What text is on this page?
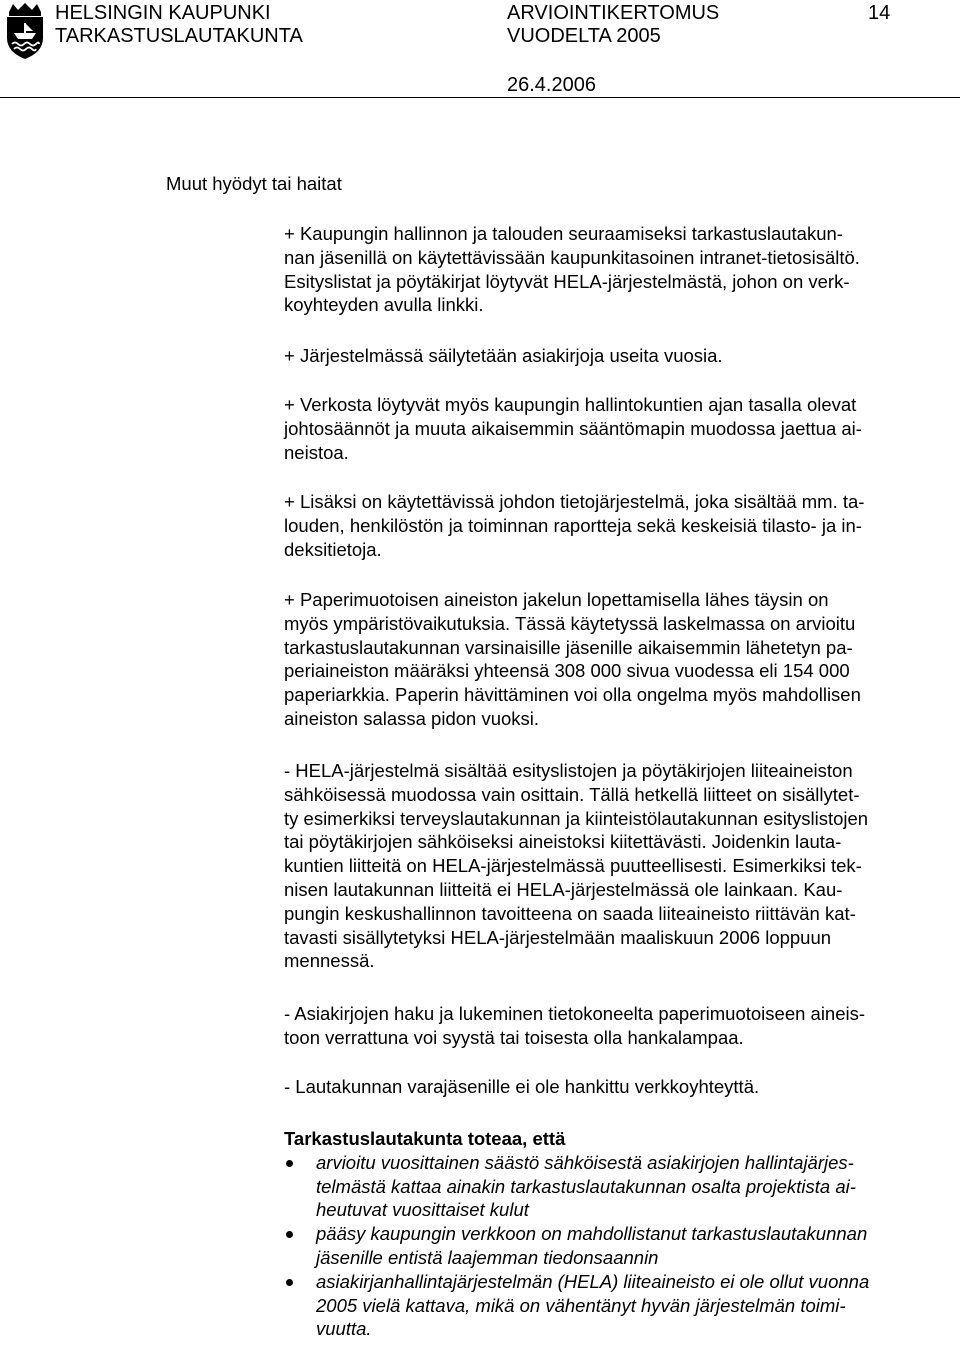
HELSINGIN KAUPUNKI
TARKASTUSLAUTAKUNTA
ARVIOINTIKERTOMUS
VUODELTA 2005
26.4.2006
14
Muut hyödyt tai haitat

+ Kaupungin hallinnon ja talouden seuraamiseksi tarkastuslautakun-

nan jäsenillä on käytettävissään kaupunkitasoinen intranet-tietosisältö.

Esityslistat ja pöytäkirjat löytyvät HELA-järjestelmästä, johon on verk-

koyhteyden avulla linkki.

+ Järjestelmässä säilytetään asiakirjoja useita vuosia.

+ Verkosta löytyvät myös kaupungin hallintokuntien ajan tasalla olevat

johtosäännöt ja muuta aikaisemmin sääntömapin muodossa jaettua ai-

neistoa.

+ Lisäksi on käytettävissä johdon tietojärjestelmä, joka sisältää mm. ta-

louden, henkilöstön ja toiminnan raportteja sekä keskeisiä tilasto- ja in-

deksitietoja.

+ Paperimuotoisen aineiston jakelun lopettamisella lähes täysin on

myös ympäristövaikutuksia. Tässä käytetyssä laskelmassa on arvioitu

tarkastuslautakunnan varsinaisille jäsenille aikaisemmin lähetetyn pa-

periaineiston määräksi yhteensä 308 000 sivua vuodessa eli 154 000

paperiarkkia. Paperin hävittäminen voi olla ongelma myös mahdollisen

aineiston salassa pidon vuoksi.

- HELA-järjestelmä sisältää esityslistojen ja pöytäkirjojen liiteaineiston

sähköisessä muodossa vain osittain. Tällä hetkellä liitteet on sisällytet-

ty esimerkiksi terveyslautakunnan ja kiinteistölautakunnan esityslistojen

tai pöytäkirjojen sähköiseksi aineistoksi kiitettävästi. Joidenkin lauta-

kuntien liitteitä on HELA-järjestelmässä puutteellisesti. Esimerkiksi tek-

nisen lautakunnan liitteitä ei HELA-järjestelmässä ole lainkaan. Kau-

pungin keskushallinnon tavoitteena on saada liiteaineisto riittävän kat-

tavasti sisällytetyksi HELA-järjestelmään maaliskuun 2006 loppuun

mennessä.

- Asiakirjojen haku ja lukeminen tietokoneelta paperimuotoiseen aineis-

toon verrattuna voi syystä tai toisesta olla hankalampaa.

- Lautakunnan varajäsenille ei ole hankittu verkkoyhteyttä.

Tarkastuslautakunta toteaa, että
arvioitu vuosittainen säästö sähköisestä asiakirjojen hallintajärjes-
telmästä kattaa ainakin tarkastuslautakunnan osalta projektista ai-
heutuvat vuosittaiset kulut
pääsy kaupungin verkkoon on mahdollistanut tarkastuslautakunnan
jäsenille entistä laajemman tiedonsaannin
asiakirjanhallintajärjestelmän (HELA) liiteaineisto ei ole ollut vuonna
2005 vielä kattava, mikä on vähentänyt hyvän järjestelmän toimi-
vuutta.
